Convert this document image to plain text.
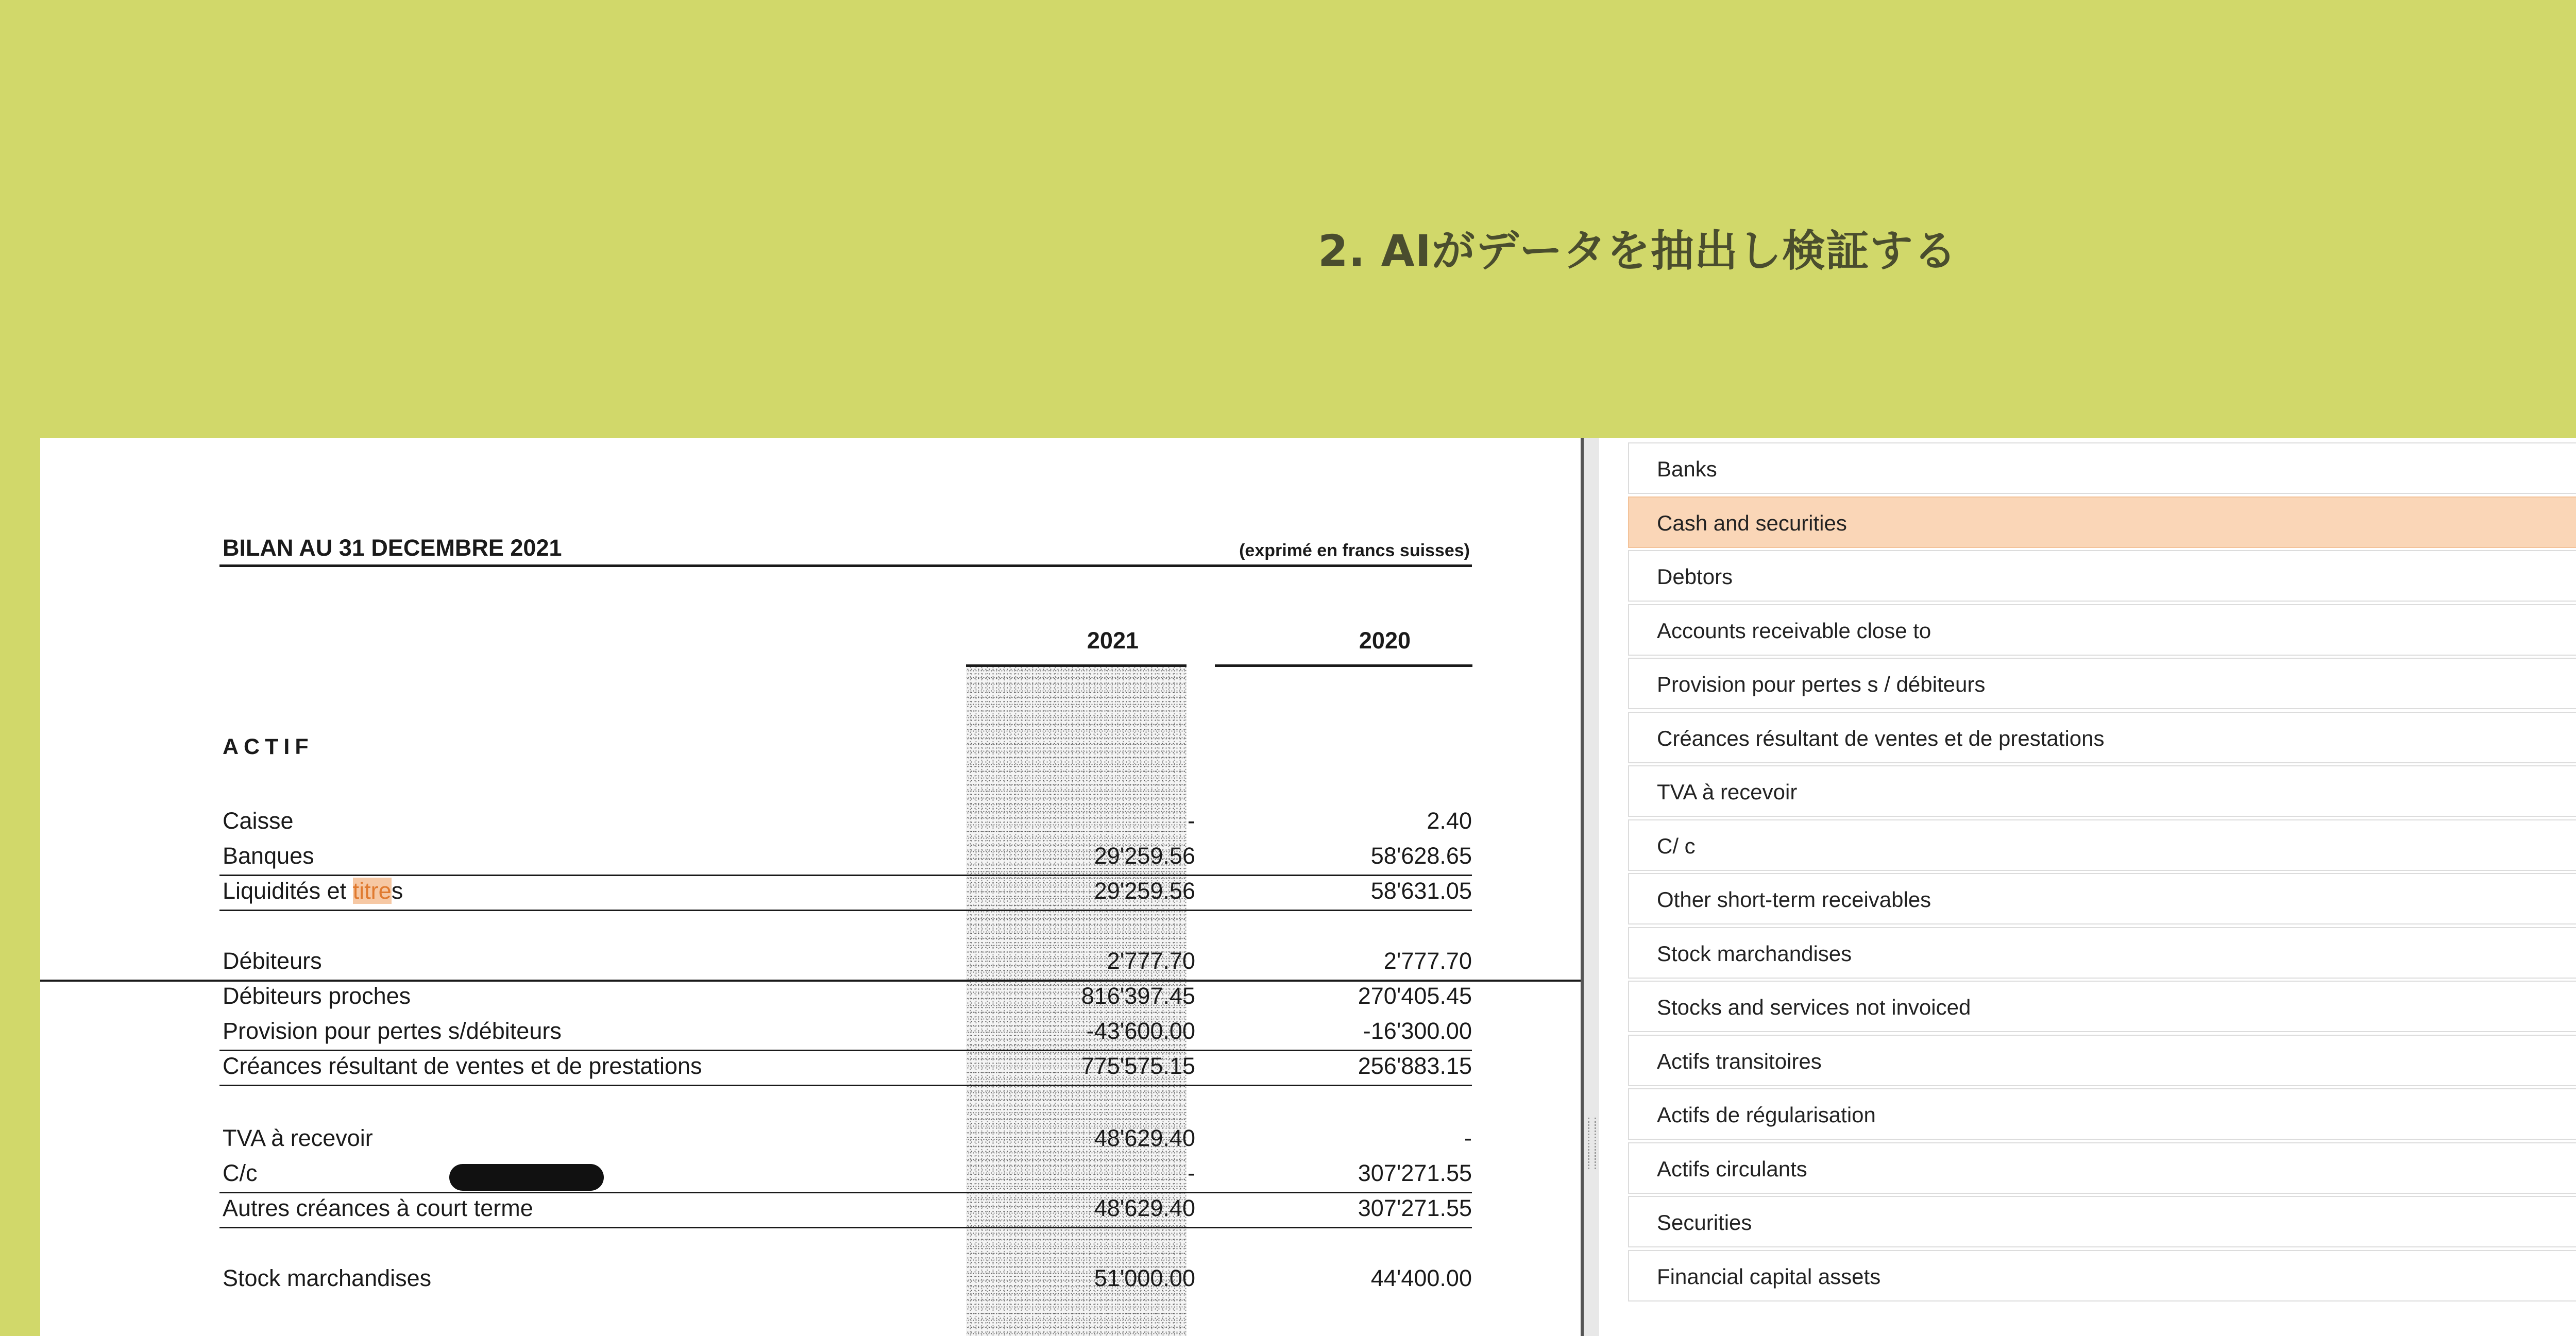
2. AIがデータを抽出し検証する
BILAN AU 31 DECEMBRE 2021	(exprimé en francs suisses)
2021	2020
ACTIF
Caisse	-	2.40
Banques	29'259.56	58'628.65
Liquidités et titres	29'259.56	58'631.05
Débiteurs	2'777.70	2'777.70
Débiteurs proches	816'397.45	270'405.45
Provision pour pertes s/débiteurs	-43'600.00	-16'300.00
Créances résultant de ventes et de prestations	775'575.15	256'883.15
TVA à recevoir	48'629.40	-
C/c	-	307'271.55
Autres créances à court terme	48'629.40	307'271.55
Stock marchandises	51'000.00	44'400.00
Banks
Cash and securities
Debtors
Accounts receivable close to
Provision pour pertes s / débiteurs
Créances résultant de ventes et de prestations
TVA à recevoir
C/ c
Other short-term receivables
Stock marchandises
Stocks and services not invoiced
Actifs transitoires
Actifs de régularisation
Actifs circulants
Securities
Financial capital assets
